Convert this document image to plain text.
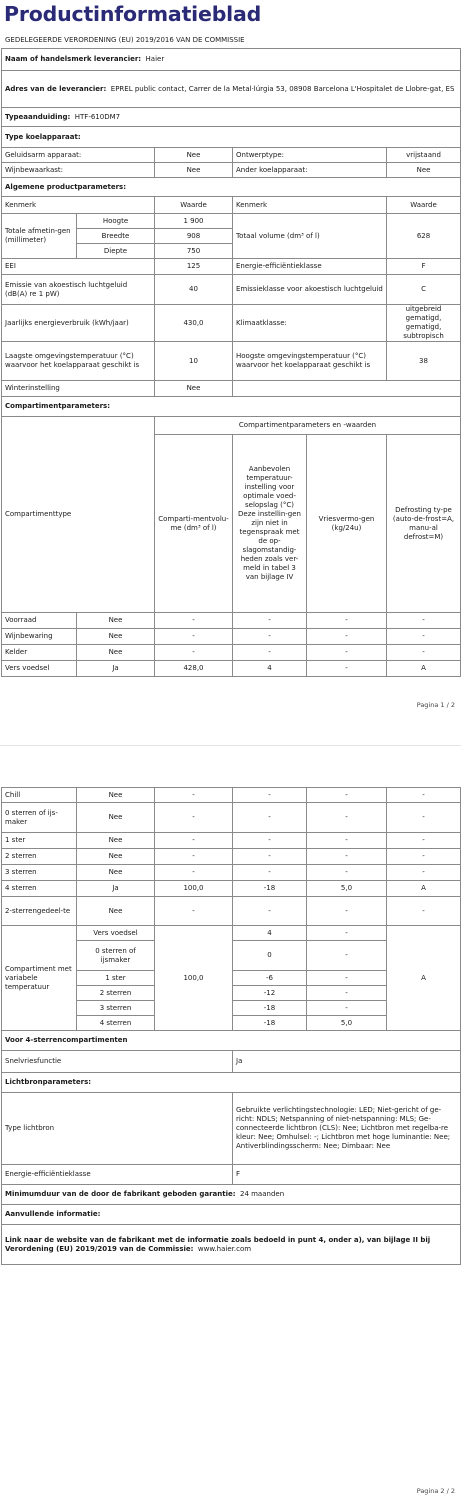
Productinformatieblad
GEDELEGEERDE VERORDENING (EU) 2019/2016 VAN DE COMMISSIE
Naam of handelsmerk leverancier: Haier					
Adres van de leverancier: EPREL public contact, Carrer de la Metal·lúrgia 53, 08908 Barcelona L'Hospitalet de Llobre-gat, ES					
Typeaanduiding: HTF-610DM7					
Type koelapparaat:					
Geluidsarm apparaat:		Nee	Ontwerptype:		vrijstaand
Wijnbewaarkast:		Nee	Ander koelapparaat:		Nee
Algemene productparameters:					
Kenmerk		Waarde	Kenmerk		Waarde
Totale afmetin-gen (millimeter)	Hoogte	1 900	Totaal volume (dm³ of l)		628
	Breedte	908			
	Diepte	750			
EEI		125	Energie-efficiëntieklasse		F
Emissie van akoestisch luchtgeluid (dB(A) re 1 pW)		40	Emissieklasse voor akoestisch luchtgeluid		C
Jaarlijks energieverbruik (kWh/jaar)		430,0	Klimaatklasse:		uitgebreid gematigd, gematigd, subtropisch
Laagste omgevingstemperatuur (°C) waarvoor het koelapparaat geschikt is		10	Hoogste omgevingstemperatuur (°C) waarvoor het koelapparaat geschikt is		38
Winterinstelling		Nee			
Compartimentparameters:					
Compartimenttype		Compartimentparameters en -waarden			
		Comparti-mentvolu-me (dm³ of l)	Aanbevolen temperatuur-instelling voor optimale voed-selopslag (°C) Deze instellin-gen zijn niet in tegenspraak met de op-slagomstandig-heden zoals ver-meld in tabel 3 van bijlage IV	Vriesvermo-gen (kg/24u)	Defrosting ty-pe (auto-de-frost=A, manu-al defrost=M)
Voorraad	Nee	-	-	-	-
Wijnbewaring	Nee	-	-	-	-
Kelder	Nee	-	-	-	-
Vers voedsel	Ja	428,0	4	-	A
Pagina 1 / 2
Chill	Nee	-	-	-	-
0 sterren of ijs-maker	Nee	-	-	-	-
1 ster	Nee	-	-	-	-
2 sterren	Nee	-	-	-	-
3 sterren	Nee	-	-	-	-
4 sterren	Ja	100,0	-18	5,0	A
2-sterrengedeel-te	Nee	-	-	-	-
Compartiment met variabele temperatuur	Vers voedsel	100,0	4	-	A
	0 sterren of ijsmaker		0	-	
	1 ster		-6	-	
	2 sterren		-12	-	
	3 sterren		-18	-	
	4 sterren		-18	5,0	
Voor 4-sterrencompartimenten					
Snelvriesfunctie			Ja		
Lichtbronparameters:					
Type lichtbron			Gebruikte verlichtingstechnologie: LED; Niet-gericht of ge-richt: NDLS; Netspanning of niet-netspanning: MLS; Ge-connecteerde lichtbron (CLS): Nee; Lichtbron met regelba-re kleur: Nee; Omhulsel: -; Lichtbron met hoge luminantie: Nee; Antiverblindingsscherm: Nee; Dimbaar: Nee		
Energie-efficiëntieklasse			F		
Minimumduur van de door de fabrikant geboden garantie: 24 maanden					
Aanvullende informatie:					
Link naar de website van de fabrikant met de informatie zoals bedoeld in punt 4, onder a), van bijlage II bij Verordening (EU) 2019/2019 van de Commissie: www.haier.com					
Pagina 2 / 2
